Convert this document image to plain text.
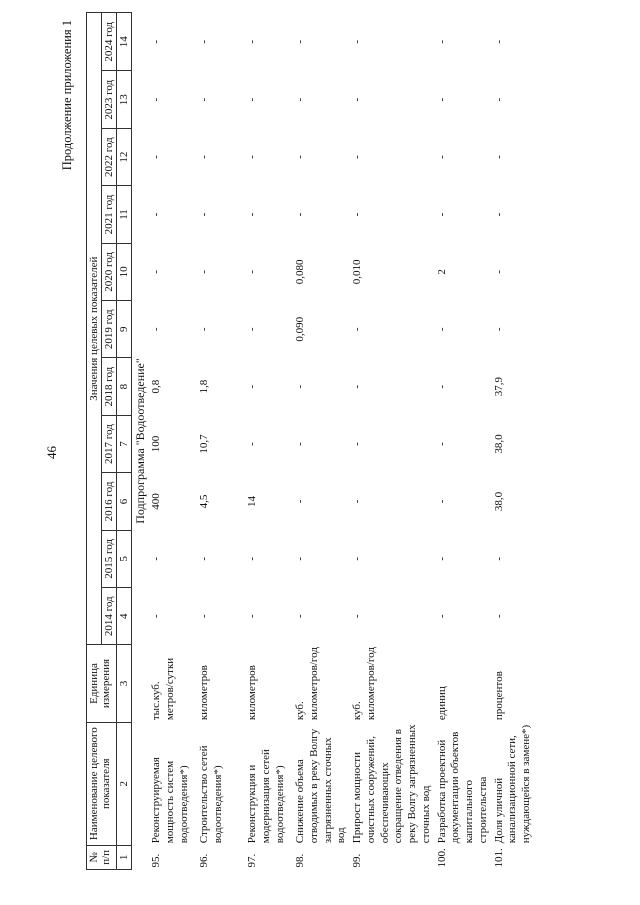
46
Продолжение приложения 1
№ п/п	Наименование целевого показателя	Единица измерения	Значения целевых показателей										
			2014 год	2015 год	2016 год	2017 год	2018 год	2019 год	2020 год	2021 год	2022 год	2023 год	2024 год
1	2	3	4	5	6	7	8	9	10	11	12	13	14
Подпрограмма "Водоотведение"													
95.	Реконструируемая мощность систем водоотведения*)	тыс.куб. метров/сутки	-	-	400	100	0,8	-	-	-	-	-	-
96.	Строительство сетей водоотведения*)	километров	-	-	4,5	10,7	1,8	-	-	-	-	-	-
97.	Реконструкция и модернизация сетей водоотведения*)	километров	-	-	14	-	-	-	-	-	-	-	-
98.	Снижение объема отводимых в реку Волгу загрязненных сточных вод	куб. километров/год	-	-	-	-	-	0,090	0,080	-	-	-	-
99.	Прирост мощности очистных сооружений, обеспечивающих сокращение отведения в реку Волгу загрязненных сточных вод	куб. километров/год	-	-	-	-	-	-	0,010	-	-	-	-
100.	Разработка проектной документации объектов капитального строительства	единиц	-	-	-	-	-	-	2	-	-	-	-
101.	Доля уличной канализационной сети, нуждающейся в замене*)	процентов	-	-	38,0	38,0	37,9	-	-	-	-	-	-
